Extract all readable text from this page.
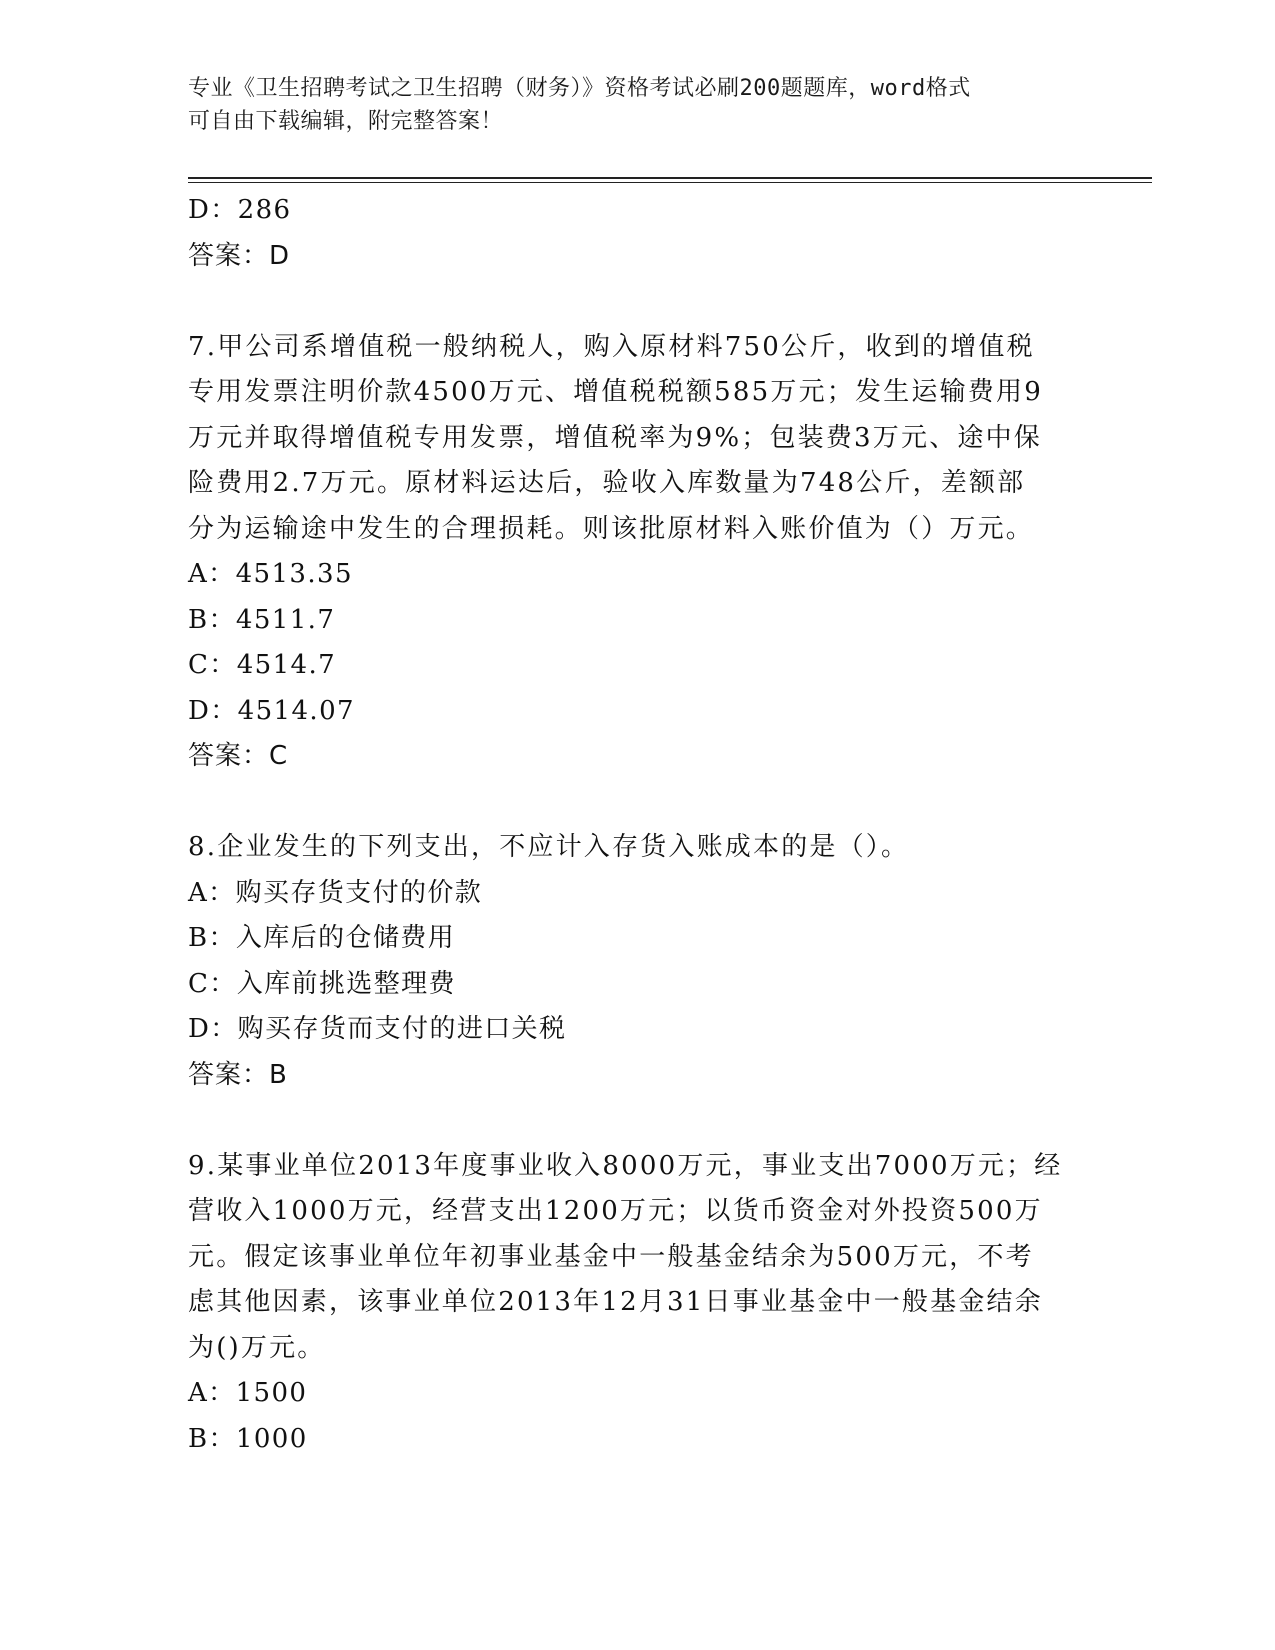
专业《卫生招聘考试之卫生招聘（财务）》资格考试必刷200题题库，word格式
可自由下载编辑，附完整答案！
D：286
答案：D
7.甲公司系增值税一般纳税人，购入原材料750公斤，收到的增值税
专用发票注明价款4500万元、增值税税额585万元；发生运输费用9
万元并取得增值税专用发票，增值税率为9%；包装费3万元、途中保
险费用2.7万元。原材料运达后，验收入库数量为748公斤，差额部
分为运输途中发生的合理损耗。则该批原材料入账价值为（）万元。
A：4513.35
B：4511.7
C：4514.7
D：4514.07
答案：C
8.企业发生的下列支出，不应计入存货入账成本的是（）。
A：购买存货支付的价款
B：入库后的仓储费用
C：入库前挑选整理费
D：购买存货而支付的进口关税
答案：B
9.某事业单位2013年度事业收入8000万元，事业支出7000万元；经
营收入1000万元，经营支出1200万元；以货币资金对外投资500万
元。假定该事业单位年初事业基金中一般基金结余为500万元，不考
虑其他因素，该事业单位2013年12月31日事业基金中一般基金结余
为()万元。
A：1500
B：1000
